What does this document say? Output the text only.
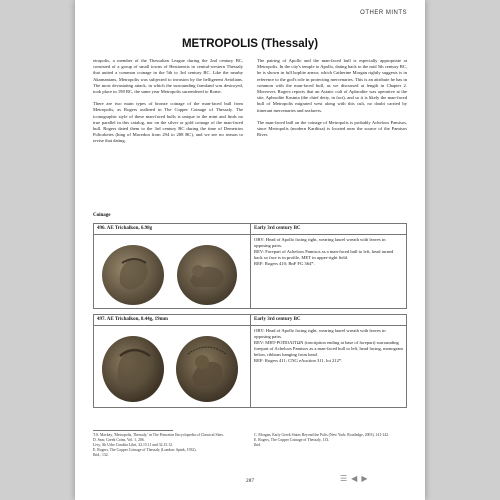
OTHER MINTS
METROPOLIS (Thessaly)

etropolis, a member of the Thessalian League during the 2nd century BC, consisted of a group of small towns of Hestiaeotis in central-western Thessaly that united a common coinage in the 5th to 3rd century BC. Like the nearby Akarnanians, Metropolis was subjected to invasion by the belligerent Aetolians. The most devastating attack, in which the surrounding farmland was destroyed, took place in 198 BC, the same year Metropolis surrendered to Rome.

There are two main types of bronze coinage of the man-faced bull from Metropolis, as Rogers outlined in The Copper Coinage of Thessaly. The iconographic style of these man-faced bulls is unique to the mint and finds no true parallel in this catalog, nor on the silver or gold coinage of the man-faced bull. Rogers dated them to the 3rd century BC during the time of Demetrios Poliorketes (king of Macedon from 294 to 288 BC), and we see no reason to revise that dating.

The pairing of Apollo and the man-faced bull is especially appropriate at Metropolis. In the city's temple to Apollo, dating back to the mid 5th century BC, he is shown in full hoplite armor, which Catherine Morgan rightly suggests is in reference to the god's role in protecting mercenaries. This is an attribute he has in common with the man-faced bull, as we discussed at length in Chapter 2. Moreover, Rogers reports that an Asiatic cult of Aphrodite was operative at the site, Aphrodite Kastnia (the chief deity, in fact), and so it is likely the man-faced bull of Metropolis migrated west along with this cult, no doubt carried by itinerant mercenaries and seafarers.

The man-faced bull on the coinage of Metropolis is probably Acheloos Pamisos, since Metropolis (modern Karditsa) is located near the source of the Pamisos River.

Coinage
496. AE Trichalkon, 6.98g	Early 3rd century BC

	OBV: Head of Apollo facing right, wearing laurel wreath with leaves in opposing pairs.
REV: Forepart of Acheloos Pamisos as a man-faced bull to left, head turned back so face is in profile, MET in upper-right field.
REF: Rogers 410; BnF FG 364*.
497. AE Trichalkon, 8.44g, 19mm	Early 3rd century BC

	OBV: Head of Apollo facing right, wearing laurel wreath with leaves in opposing pairs.
REV: MHT-POΠOΛITΩN (inscription ending at base of forepart) surrounding forepart of Acheloos Pamisos as a man-faced bull to left, head facing, monogram below, ribbons hanging from head.
REF: Rogers 411; CNG eAuction 311, lot 212*.
T.S. Mackay, 'Metropolis, Thessaly,' in The Princeton Encyclopedia of Classical Sites.
D. Sear, Greek Coins, Vol. 1, 206.
Livy, Ab Urbe Condita Libri, 32.15.11 and 32.15.12.
E. Rogers, The Copper Coinage of Thessaly (London: Spink, 1932).
Ibid., 132.
C. Morgan, Early Greek States Beyond the Polis (New York: Routledge, 2003), 141-142.
E. Rogers, The Copper Coinage of Thessaly, 133.
Ibid.
287	☰ ◀ ▶
